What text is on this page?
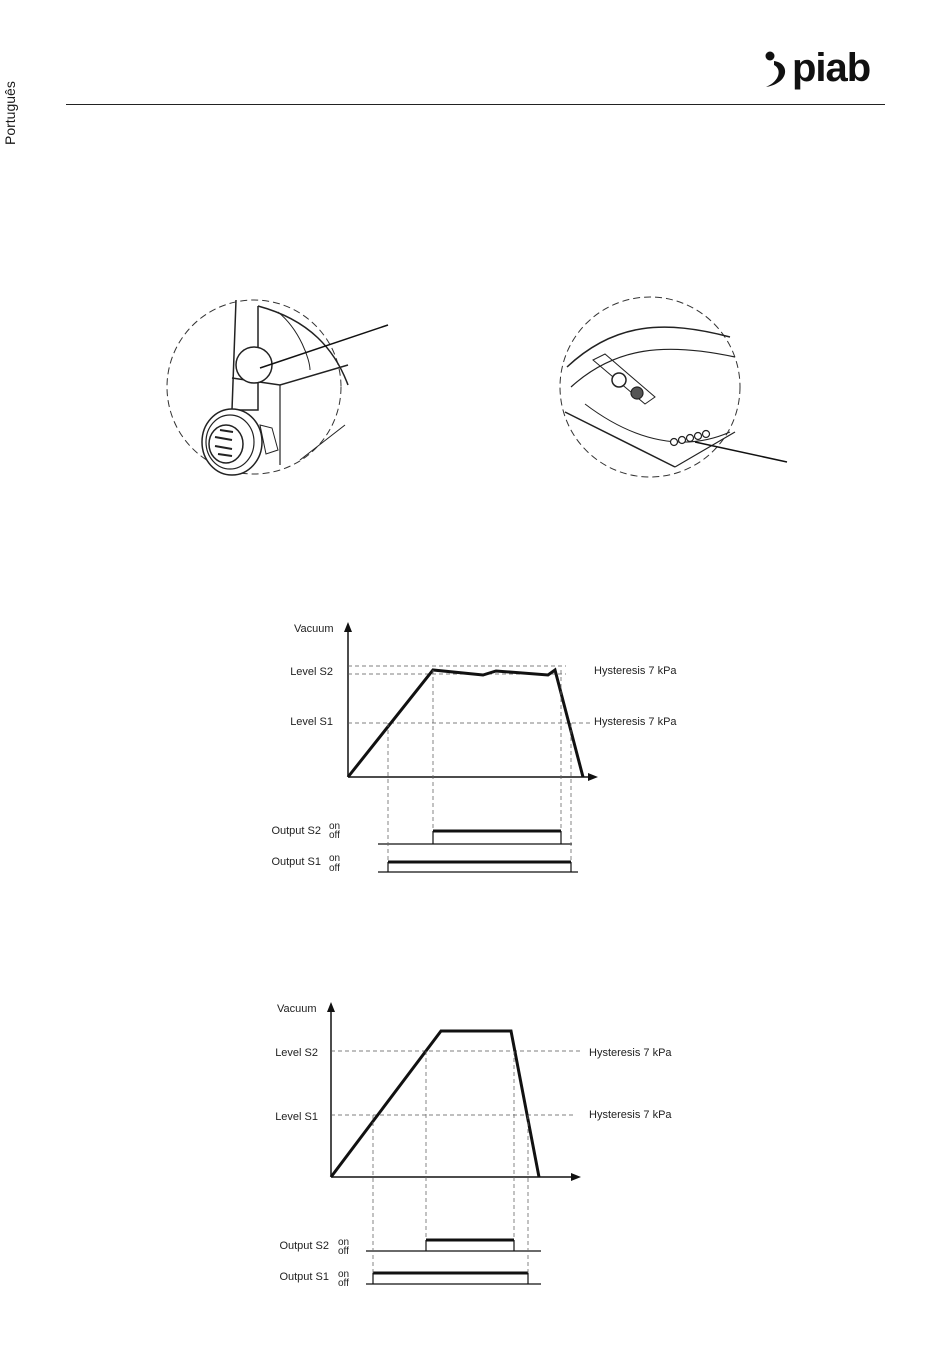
Português
piab
Vacuum
Level S2
Level S1
Hysteresis 7 kPa
Hysteresis 7 kPa
Output S2 on
off
Output S1 on
off
Vacuum
Level S2
Level S1
Hysteresis 7 kPa
Hysteresis 7 kPa
Output S2 on
off
Output S1 on
off
